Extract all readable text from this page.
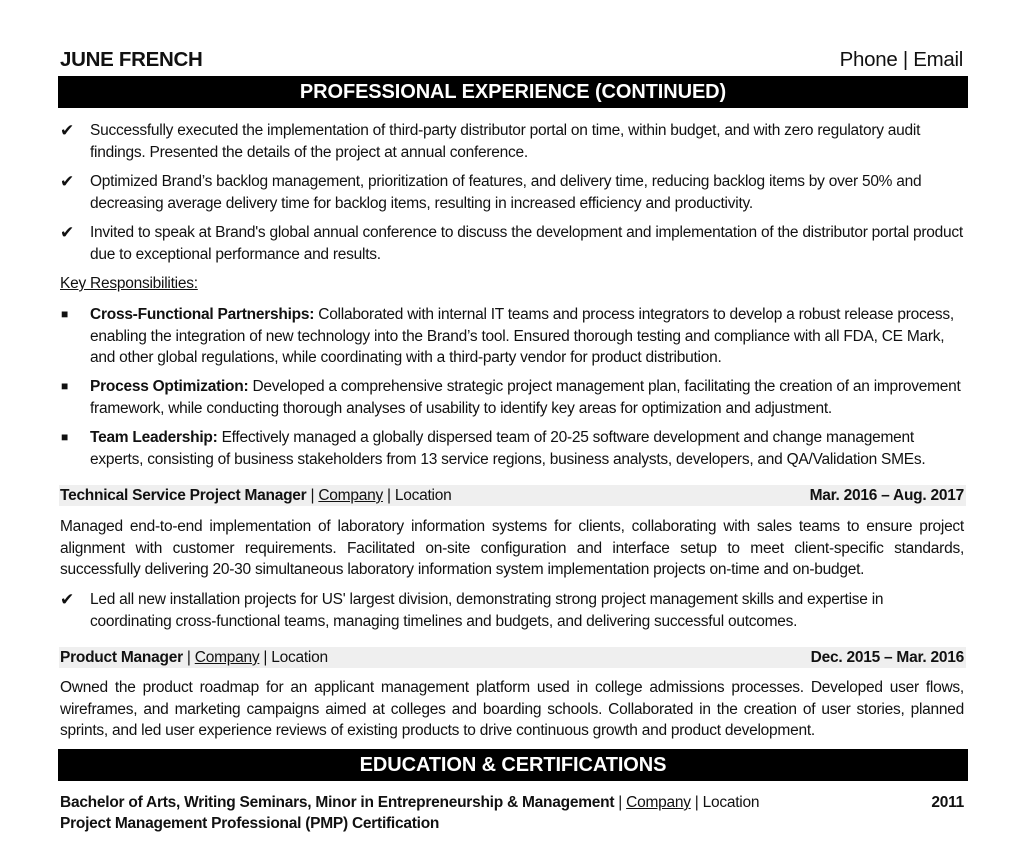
JUNE FRENCH	Phone | Email
PROFESSIONAL EXPERIENCE (CONTINUED)
✔	Successfully executed the implementation of third-party distributor portal on time, within budget, and with zero regulatory audit findings. Presented the details of the project at annual conference.
✔	Optimized Brand’s backlog management, prioritization of features, and delivery time, reducing backlog items by over 50% and decreasing average delivery time for backlog items, resulting in increased efficiency and productivity.
✔	Invited to speak at Brand's global annual conference to discuss the development and implementation of the distributor portal product due to exceptional performance and results.
Key Responsibilities:
■	Cross-Functional Partnerships: Collaborated with internal IT teams and process integrators to develop a robust release process, enabling the integration of new technology into the Brand’s tool. Ensured thorough testing and compliance with all FDA, CE Mark, and other global regulations, while coordinating with a third-party vendor for product distribution.
■	Process Optimization: Developed a comprehensive strategic project management plan, facilitating the creation of an improvement framework, while conducting thorough analyses of usability to identify key areas for optimization and adjustment.
■	Team Leadership: Effectively managed a globally dispersed team of 20-25 software development and change management experts, consisting of business stakeholders from 13 service regions, business analysts, developers, and QA/Validation SMEs.
Technical Service Project Manager | Company | Location	Mar. 2016 – Aug. 2017
Managed end-to-end implementation of laboratory information systems for clients, collaborating with sales teams to ensure project alignment with customer requirements. Facilitated on-site configuration and interface setup to meet client-specific standards, successfully delivering 20-30 simultaneous laboratory information system implementation projects on-time and on-budget.
✔	Led all new installation projects for US' largest division, demonstrating strong project management skills and expertise in coordinating cross-functional teams, managing timelines and budgets, and delivering successful outcomes.
Product Manager | Company | Location	Dec. 2015 – Mar. 2016
Owned the product roadmap for an applicant management platform used in college admissions processes. Developed user flows, wireframes, and marketing campaigns aimed at colleges and boarding schools. Collaborated in the creation of user stories, planned sprints, and led user experience reviews of existing products to drive continuous growth and product development.
EDUCATION & CERTIFICATIONS
Bachelor of Arts, Writing Seminars, Minor in Entrepreneurship & Management | Company | Location	2011
Project Management Professional (PMP) Certification
